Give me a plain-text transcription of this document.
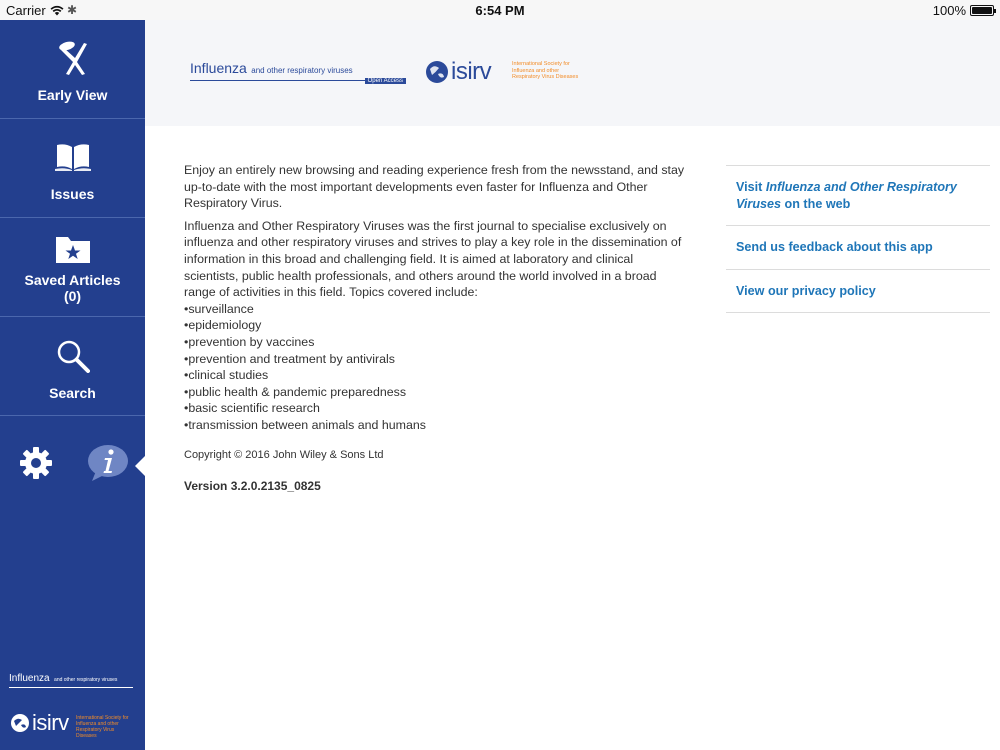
Carrier ✱	6:54 PM	100%
Early View
Issues
Saved Articles
(0)
Search
Influenza and other respiratory viruses
isirv International Society for Influenza and other Respiratory Virus Diseases
Influenza and other respiratory viruses
Open Access isirv	International Society for Influenza and other Respiratory Virus Diseases

Enjoy an entirely new browsing and reading experience fresh from the newsstand, and stay up-to-date with the most important developments even faster for Influenza and Other Respiratory Virus.

Influenza and Other Respiratory Viruses was the first journal to specialise exclusively on influenza and other respiratory viruses and strives to play a key role in the dissemination of information in this broad and challenging field. It is aimed at laboratory and clinical scientists, public health professionals, and others around the world involved in a broad range of activities in this field. Topics covered include:

• surveillance
• epidemiology
• prevention by vaccines
• prevention and treatment by antivirals
• clinical studies
• public health & pandemic preparedness
• basic scientific research
• transmission between animals and humans
Copyright © 2016 John Wiley & Sons Ltd
Version 3.2.0.2135_0825
Visit Influenza and Other Respiratory Viruses on the web
Send us feedback about this app
View our privacy policy
